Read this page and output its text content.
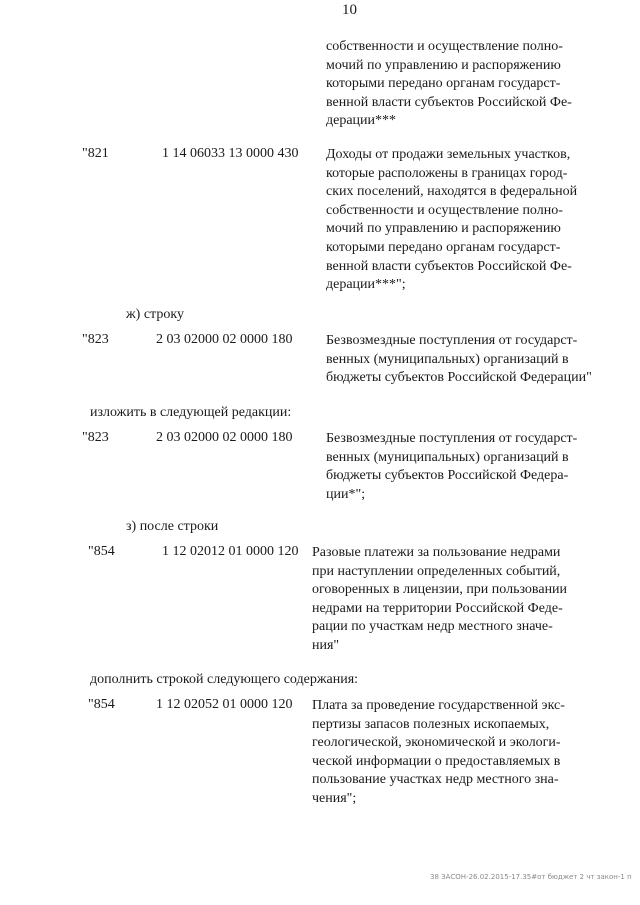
10
собственности и осуществление полно-
мочий по управлению и распоряжению
которыми передано органам государст-
венной власти субъектов Российской Фе-
дерации***
"821	1 14 06033 13 0000 430 Доходы от продажи земельных участков,
которые расположены в границах город-
ских поселений, находятся в федеральной
собственности и осуществление полно-
мочий по управлению и распоряжению
которыми передано органам государст-
венной власти субъектов Российской Фе-
дерации***";
ж) строку
"823	2 03 02000 02 0000 180 Безвозмездные поступления от государст-
венных (муниципальных) организаций в
бюджеты субъектов Российской Федерации"
изложить в следующей редакции:
"823	2 03 02000 02 0000 180 Безвозмездные поступления от государст-
венных (муниципальных) организаций в
бюджеты субъектов Российской Федера-
ции*";
з) после строки
"854	1 12 02012 01 0000 120 Разовые платежи за пользование недрами
при наступлении определенных событий,
оговоренных в лицензии, при пользовании
недрами на территории Российской Феде-
рации по участкам недр местного значе-
ния"
дополнить строкой следующего содержания:
"854	1 12 02052 01 0000 120 Плата за проведение государственной экс-
пертизы запасов полезных ископаемых,
геологической, экономической и экологи-
ческой информации о предоставляемых в
пользование участках недр местного зна-
чения";
38 ЗАСОН-26.02.2015-17.35#от бюджет 2 чт закон-1 п
